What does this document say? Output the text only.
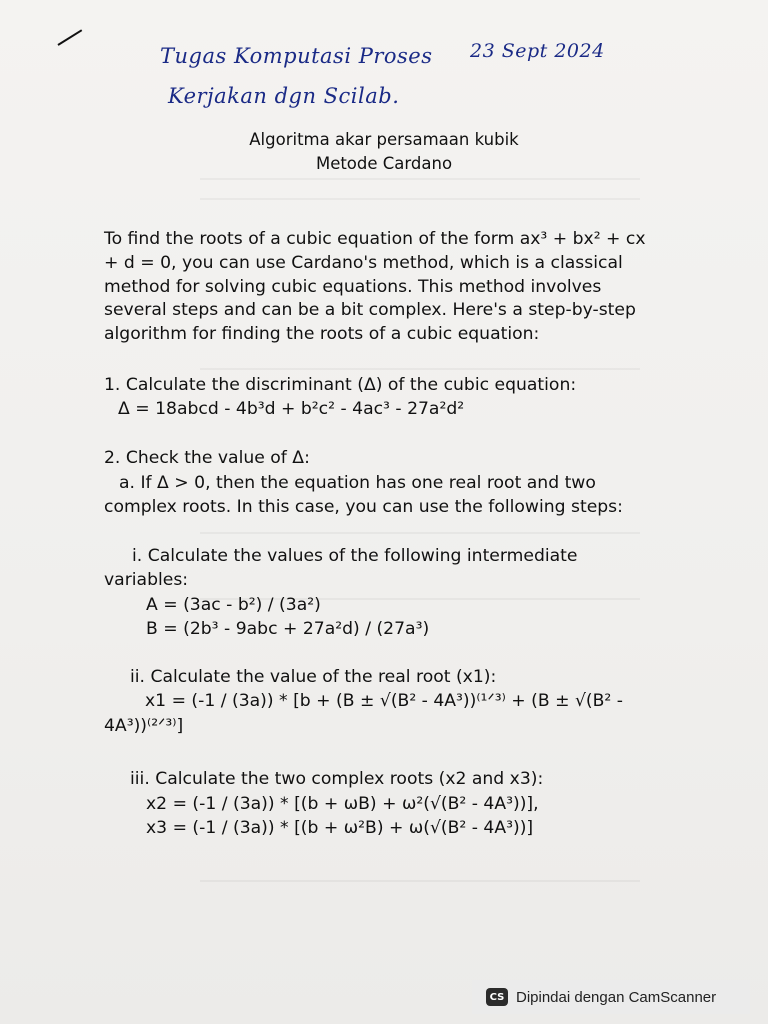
Tugas Komputasi Proses 23 Sept 2024
Kerjakan dgn Scilab.
Algoritma akar persamaan kubik
Metode Cardano
To find the roots of a cubic equation of the form ax³ + bx² + cx + d = 0, you can use Cardano's method, which is a classical method for solving cubic equations. This method involves several steps and can be a bit complex. Here's a step-by-step algorithm for finding the roots of a cubic equation:
1. Calculate the discriminant (Δ) of the cubic equation:
Δ = 18abcd - 4b³d + b²c² - 4ac³ - 27a²d²
2. Check the value of Δ:
a. If Δ > 0, then the equation has one real root and two
complex roots. In this case, you can use the following steps:
i. Calculate the values of the following intermediate
variables:
A = (3ac - b²) / (3a²)
B = (2b³ - 9abc + 27a²d) / (27a³)
ii. Calculate the value of the real root (x1):
x1 = (-1 / (3a)) * [b + (B ± √(B² - 4A³))⁽¹ᐟ³⁾ + (B ± √(B² -
4A³))⁽²ᐟ³⁾]
iii. Calculate the two complex roots (x2 and x3):
x2 = (-1 / (3a)) * [(b + ωB) + ω²(√(B² - 4A³))],
x3 = (-1 / (3a)) * [(b + ω²B) + ω(√(B² - 4A³))]
CS Dipindai dengan CamScanner
